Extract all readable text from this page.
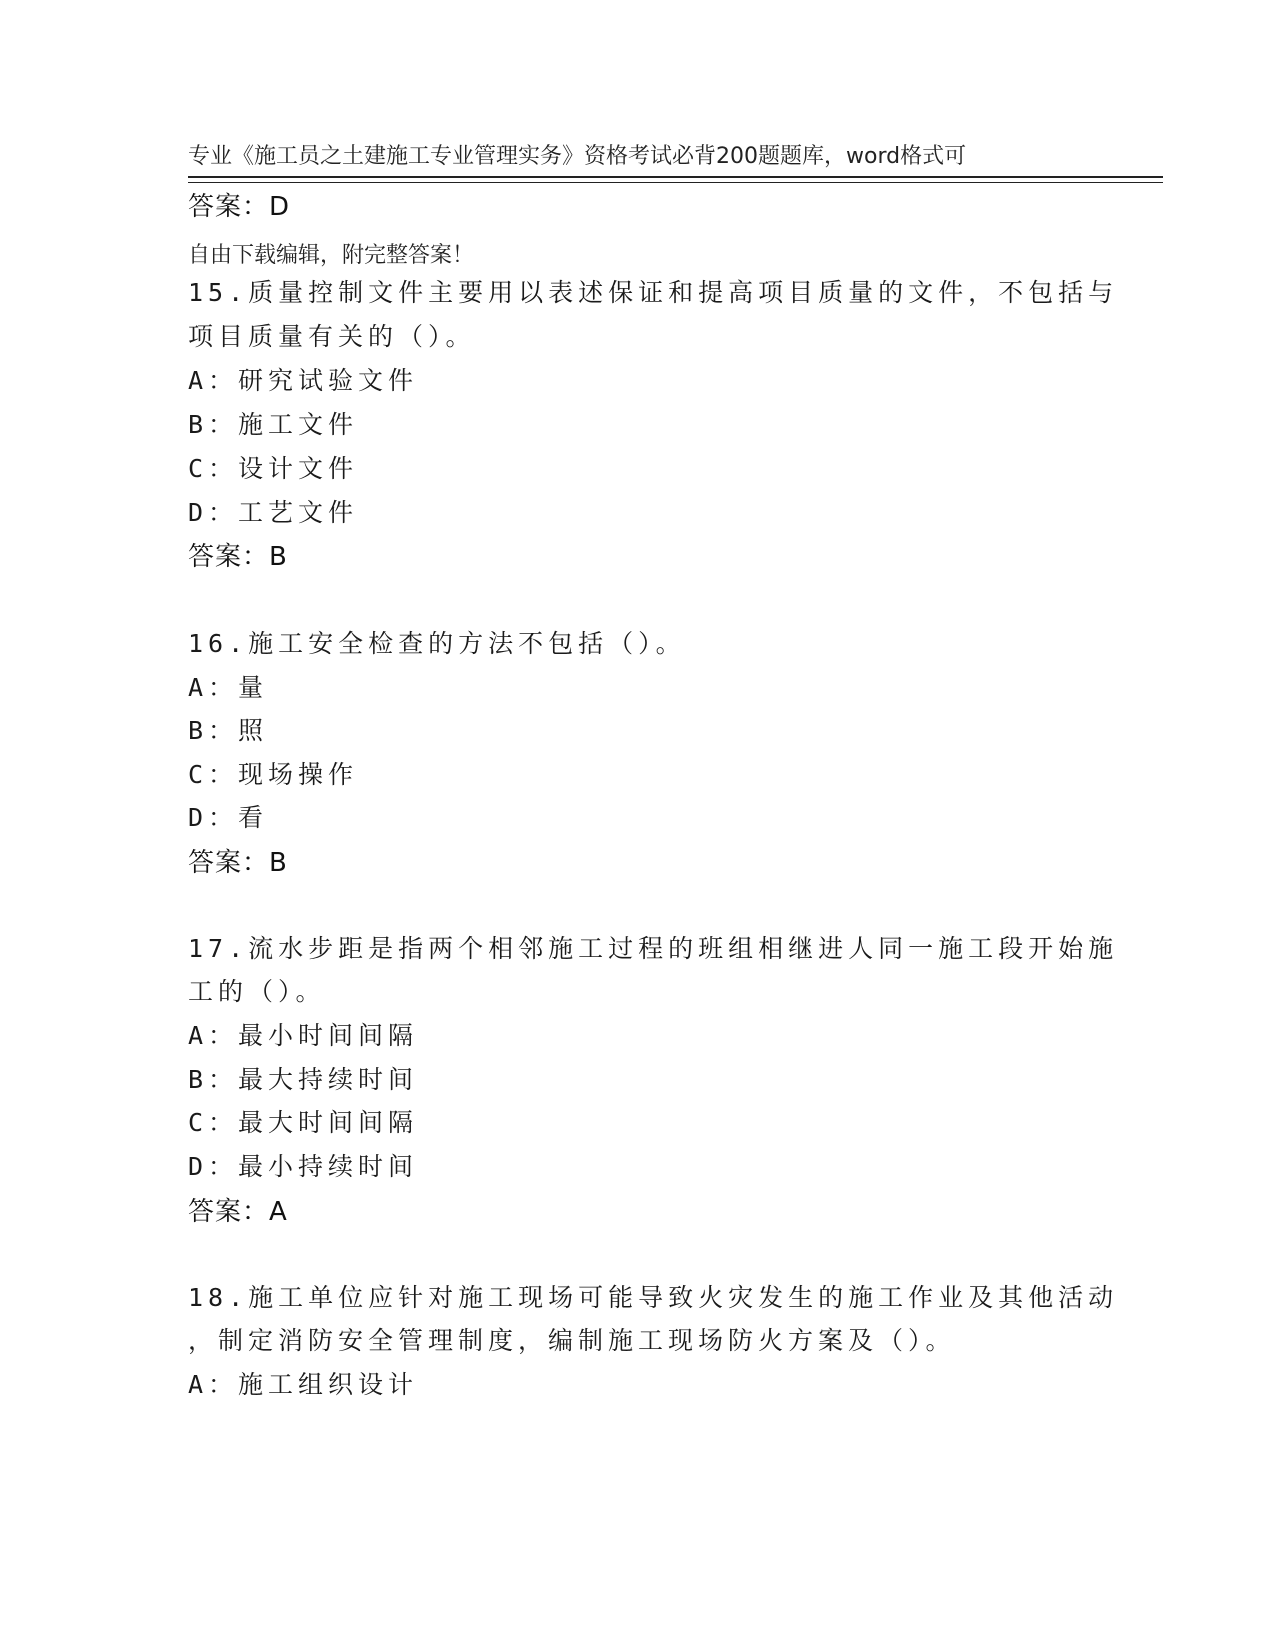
专业《施工员之土建施工专业管理实务》资格考试必背200题题库，word格式可

自由下载编辑，附完整答案！

答案：D
15.质量控制文件主要用以表述保证和提高项目质量的文件，不包括与
项目质量有关的（）。
A：研究试验文件
B：施工文件
C：设计文件
D：工艺文件
答案：B
16.施工安全检查的方法不包括（）。
A：量
B：照
C：现场操作
D：看
答案：B
17.流水步距是指两个相邻施工过程的班组相继进人同一施工段开始施
工的（）。
A：最小时间间隔
B：最大持续时间
C：最大时间间隔
D：最小持续时间
答案：A
18.施工单位应针对施工现场可能导致火灾发生的施工作业及其他活动
，制定消防安全管理制度，编制施工现场防火方案及（）。
A：施工组织设计
